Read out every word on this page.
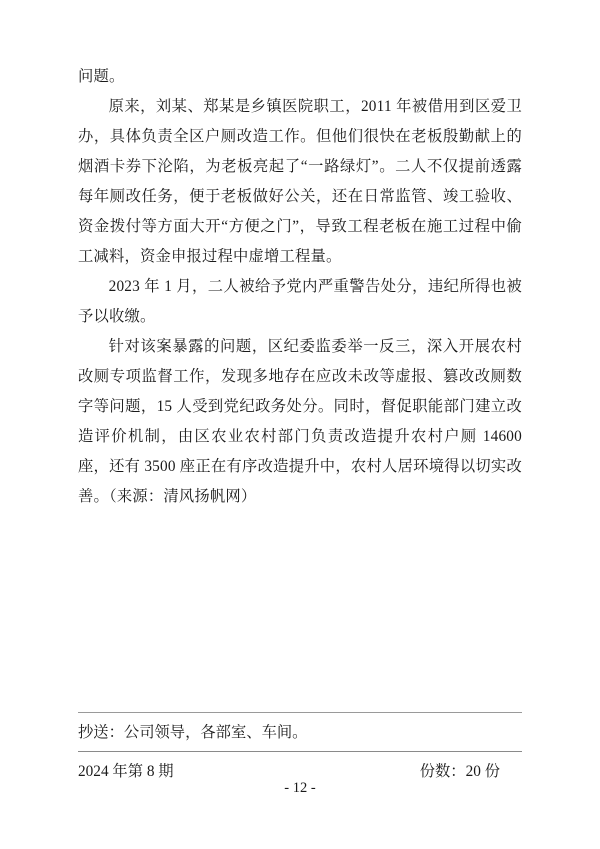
问题。

原来，刘某、郑某是乡镇医院职工，2011 年被借用到区爱卫办，具体负责全区户厕改造工作。但他们很快在老板殷勤献上的烟酒卡券下沦陷，为老板亮起了“一路绿灯”。二人不仅提前透露每年厕改任务，便于老板做好公关，还在日常监管、竣工验收、资金拨付等方面大开“方便之门”，导致工程老板在施工过程中偷工减料，资金申报过程中虚增工程量。

2023 年 1 月，二人被给予党内严重警告处分，违纪所得也被予以收缴。

针对该案暴露的问题，区纪委监委举一反三，深入开展农村改厕专项监督工作，发现多地存在应改未改等虚报、篡改改厕数字等问题，15 人受到党纪政务处分。同时，督促职能部门建立改造评价机制，由区农业农村部门负责改造提升农村户厕 14600 座，还有 3500 座正在有序改造提升中，农村人居环境得以切实改善。（来源：清风扬帆网）

抄送：公司领导，各部室、车间。
2024 年第 8 期	份数：20 份
- 12 -
